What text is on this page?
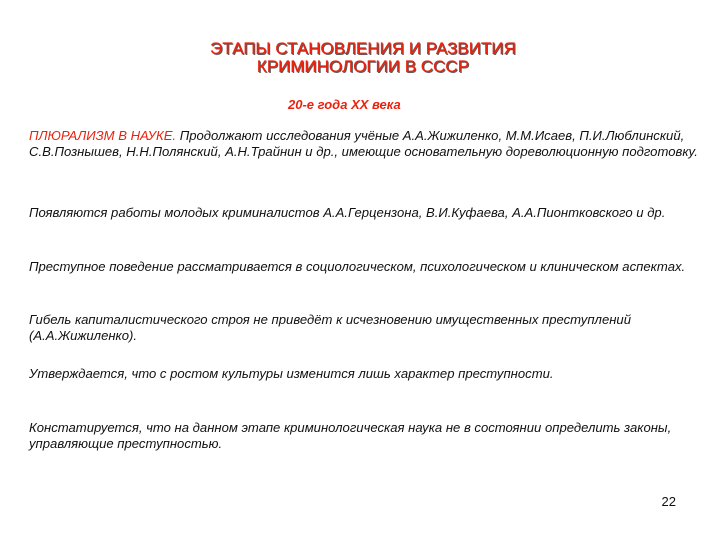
ЭТАПЫ СТАНОВЛЕНИЯ И РАЗВИТИЯ
КРИМИНОЛОГИИ В СССР
20-е года ХХ века
ПЛЮРАЛИЗМ В НАУКЕ. Продолжают исследования учёные А.А.Жижиленко, М.М.Исаев, П.И.Люблинский, С.В.Познышев, Н.Н.Полянский, А.Н.Трайнин и др., имеющие основательную дореволюционную подготовку.
Появляются работы молодых криминалистов А.А.Герцензона, В.И.Куфаева, А.А.Пионтковского и др.
Преступное поведение рассматривается в социологическом, психологическом и клиническом аспектах.
Гибель капиталистического строя не приведёт к исчезновению имущественных преступлений (А.А.Жижиленко).
Утверждается, что с ростом культуры изменится лишь характер преступности.
Констатируется, что на данном этапе криминологическая наука не в состоянии определить законы, управляющие преступностью.
22
